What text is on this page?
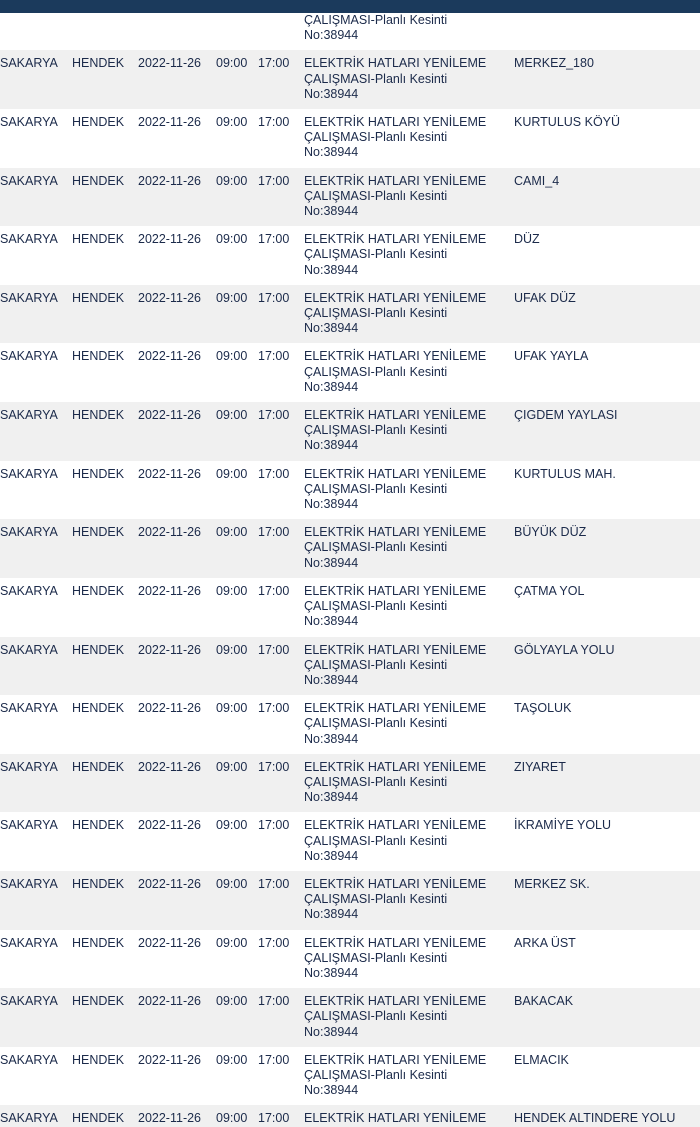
					ÇALIŞMASI-Planlı Kesinti
No:38944	

SAKARYA	HENDEK	2022-11-26	09:00	17:00	ELEKTRİK HATLARI YENİLEME
ÇALIŞMASI-Planlı Kesinti
No:38944	MERKEZ_180
SAKARYA	HENDEK	2022-11-26	09:00	17:00	ELEKTRİK HATLARI YENİLEME
ÇALIŞMASI-Planlı Kesinti
No:38944	KURTULUS KÖYÜ
SAKARYA	HENDEK	2022-11-26	09:00	17:00	ELEKTRİK HATLARI YENİLEME
ÇALIŞMASI-Planlı Kesinti
No:38944	CAMI_4
SAKARYA	HENDEK	2022-11-26	09:00	17:00	ELEKTRİK HATLARI YENİLEME
ÇALIŞMASI-Planlı Kesinti
No:38944	DÜZ
SAKARYA	HENDEK	2022-11-26	09:00	17:00	ELEKTRİK HATLARI YENİLEME
ÇALIŞMASI-Planlı Kesinti
No:38944	UFAK DÜZ
SAKARYA	HENDEK	2022-11-26	09:00	17:00	ELEKTRİK HATLARI YENİLEME
ÇALIŞMASI-Planlı Kesinti
No:38944	UFAK YAYLA
SAKARYA	HENDEK	2022-11-26	09:00	17:00	ELEKTRİK HATLARI YENİLEME
ÇALIŞMASI-Planlı Kesinti
No:38944	ÇIGDEM YAYLASI
SAKARYA	HENDEK	2022-11-26	09:00	17:00	ELEKTRİK HATLARI YENİLEME
ÇALIŞMASI-Planlı Kesinti
No:38944	KURTULUS MAH.
SAKARYA	HENDEK	2022-11-26	09:00	17:00	ELEKTRİK HATLARI YENİLEME
ÇALIŞMASI-Planlı Kesinti
No:38944	BÜYÜK DÜZ
SAKARYA	HENDEK	2022-11-26	09:00	17:00	ELEKTRİK HATLARI YENİLEME
ÇALIŞMASI-Planlı Kesinti
No:38944	ÇATMA YOL
SAKARYA	HENDEK	2022-11-26	09:00	17:00	ELEKTRİK HATLARI YENİLEME
ÇALIŞMASI-Planlı Kesinti
No:38944	GÖLYAYLA YOLU
SAKARYA	HENDEK	2022-11-26	09:00	17:00	ELEKTRİK HATLARI YENİLEME
ÇALIŞMASI-Planlı Kesinti
No:38944	TAŞOLUK
SAKARYA	HENDEK	2022-11-26	09:00	17:00	ELEKTRİK HATLARI YENİLEME
ÇALIŞMASI-Planlı Kesinti
No:38944	ZIYARET
SAKARYA	HENDEK	2022-11-26	09:00	17:00	ELEKTRİK HATLARI YENİLEME
ÇALIŞMASI-Planlı Kesinti
No:38944	İKRAMİYE YOLU
SAKARYA	HENDEK	2022-11-26	09:00	17:00	ELEKTRİK HATLARI YENİLEME
ÇALIŞMASI-Planlı Kesinti
No:38944	MERKEZ SK.
SAKARYA	HENDEK	2022-11-26	09:00	17:00	ELEKTRİK HATLARI YENİLEME
ÇALIŞMASI-Planlı Kesinti
No:38944	ARKA ÜST
SAKARYA	HENDEK	2022-11-26	09:00	17:00	ELEKTRİK HATLARI YENİLEME
ÇALIŞMASI-Planlı Kesinti
No:38944	BAKACAK
SAKARYA	HENDEK	2022-11-26	09:00	17:00	ELEKTRİK HATLARI YENİLEME
ÇALIŞMASI-Planlı Kesinti
No:38944	ELMACIK
SAKARYA	HENDEK	2022-11-26	09:00	17:00	ELEKTRİK HATLARI YENİLEME	HENDEK ALTINDERE YOLU
